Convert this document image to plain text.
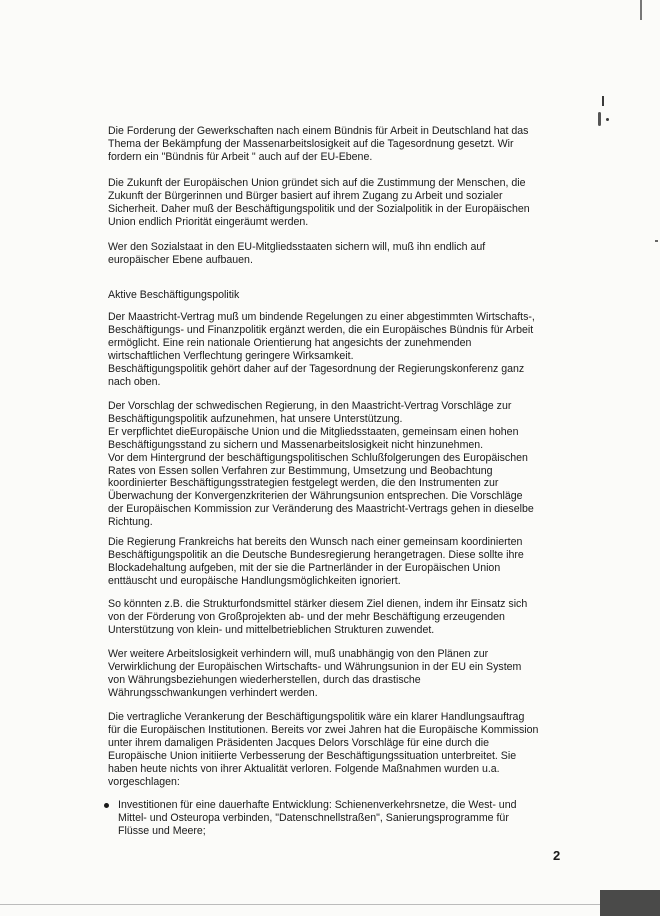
Die Forderung der Gewerkschaften nach einem Bündnis für Arbeit in Deutschland hat das
Thema der Bekämpfung der Massenarbeitslosigkeit auf die Tagesordnung gesetzt. Wir
fordern ein "Bündnis für Arbeit " auch auf der EU-Ebene.
Die Zukunft der Europäischen Union gründet sich auf die Zustimmung der Menschen, die
Zukunft der Bürgerinnen und Bürger basiert auf ihrem Zugang zu Arbeit und sozialer
Sicherheit. Daher muß der Beschäftigungspolitik und der Sozialpolitik in der Europäischen
Union endlich Priorität eingeräumt werden.
Wer den Sozialstaat in den EU-Mitgliedsstaaten sichern will, muß ihn endlich auf
europäischer Ebene aufbauen.
Aktive Beschäftigungspolitik
Der Maastricht-Vertrag muß um bindende Regelungen zu einer abgestimmten Wirtschafts-,
Beschäftigungs- und Finanzpolitik ergänzt werden, die ein Europäisches Bündnis für Arbeit
ermöglicht. Eine rein nationale Orientierung hat angesichts der zunehmenden
wirtschaftlichen Verflechtung geringere Wirksamkeit.
Beschäftigungspolitik gehört daher auf der Tagesordnung der Regierungskonferenz ganz
nach oben.
Der Vorschlag der schwedischen Regierung, in den Maastricht-Vertrag Vorschläge zur
Beschäftigungspolitik aufzunehmen, hat unsere Unterstützung.
Er verpflichtet dieEuropäische Union und die Mitgliedsstaaten, gemeinsam einen hohen
Beschäftigungsstand zu sichern und Massenarbeitslosigkeit nicht hinzunehmen.
Vor dem Hintergrund der beschäftigungspolitischen Schlußfolgerungen des Europäischen
Rates von Essen sollen Verfahren zur Bestimmung, Umsetzung und Beobachtung
koordinierter Beschäftigungsstrategien festgelegt werden, die den Instrumenten zur
Überwachung der Konvergenzkriterien der Währungsunion entsprechen. Die Vorschläge
der Europäischen Kommission zur Veränderung des Maastricht-Vertrags gehen in dieselbe
Richtung.
Die Regierung Frankreichs hat bereits den Wunsch nach einer gemeinsam koordinierten
Beschäftigungspolitik an die Deutsche Bundesregierung herangetragen. Diese sollte ihre
Blockadehaltung aufgeben, mit der sie die Partnerländer in der Europäischen Union
enttäuscht und europäische Handlungsmöglichkeiten ignoriert.
So könnten z.B. die Strukturfondsmittel stärker diesem Ziel dienen, indem ihr Einsatz sich
von der Förderung von Großprojekten ab- und der mehr Beschäftigung erzeugenden
Unterstützung von klein- und mittelbetrieblichen Strukturen zuwendet.
Wer weitere Arbeitslosigkeit verhindern will, muß unabhängig von den Plänen zur
Verwirklichung der Europäischen Wirtschafts- und Währungsunion in der EU ein System
von Währungsbeziehungen wiederherstellen, durch das drastische
Währungsschwankungen verhindert werden.
Die vertragliche Verankerung der Beschäftigungspolitik wäre ein klarer Handlungsauftrag
für die Europäischen Institutionen. Bereits vor zwei Jahren hat die Europäische Kommission
unter ihrem damaligen Präsidenten Jacques Delors Vorschläge für eine durch die
Europäische Union initiierte Verbesserung der Beschäftigungssituation unterbreitet. Sie
haben heute nichts von ihrer Aktualität verloren. Folgende Maßnahmen wurden u.a.
vorgeschlagen:
Investitionen für eine dauerhafte Entwicklung: Schienenverkehrsnetze, die West- und
Mittel- und Osteuropa verbinden, "Datenschnellstraßen", Sanierungsprogramme für
Flüsse und Meere;
2
